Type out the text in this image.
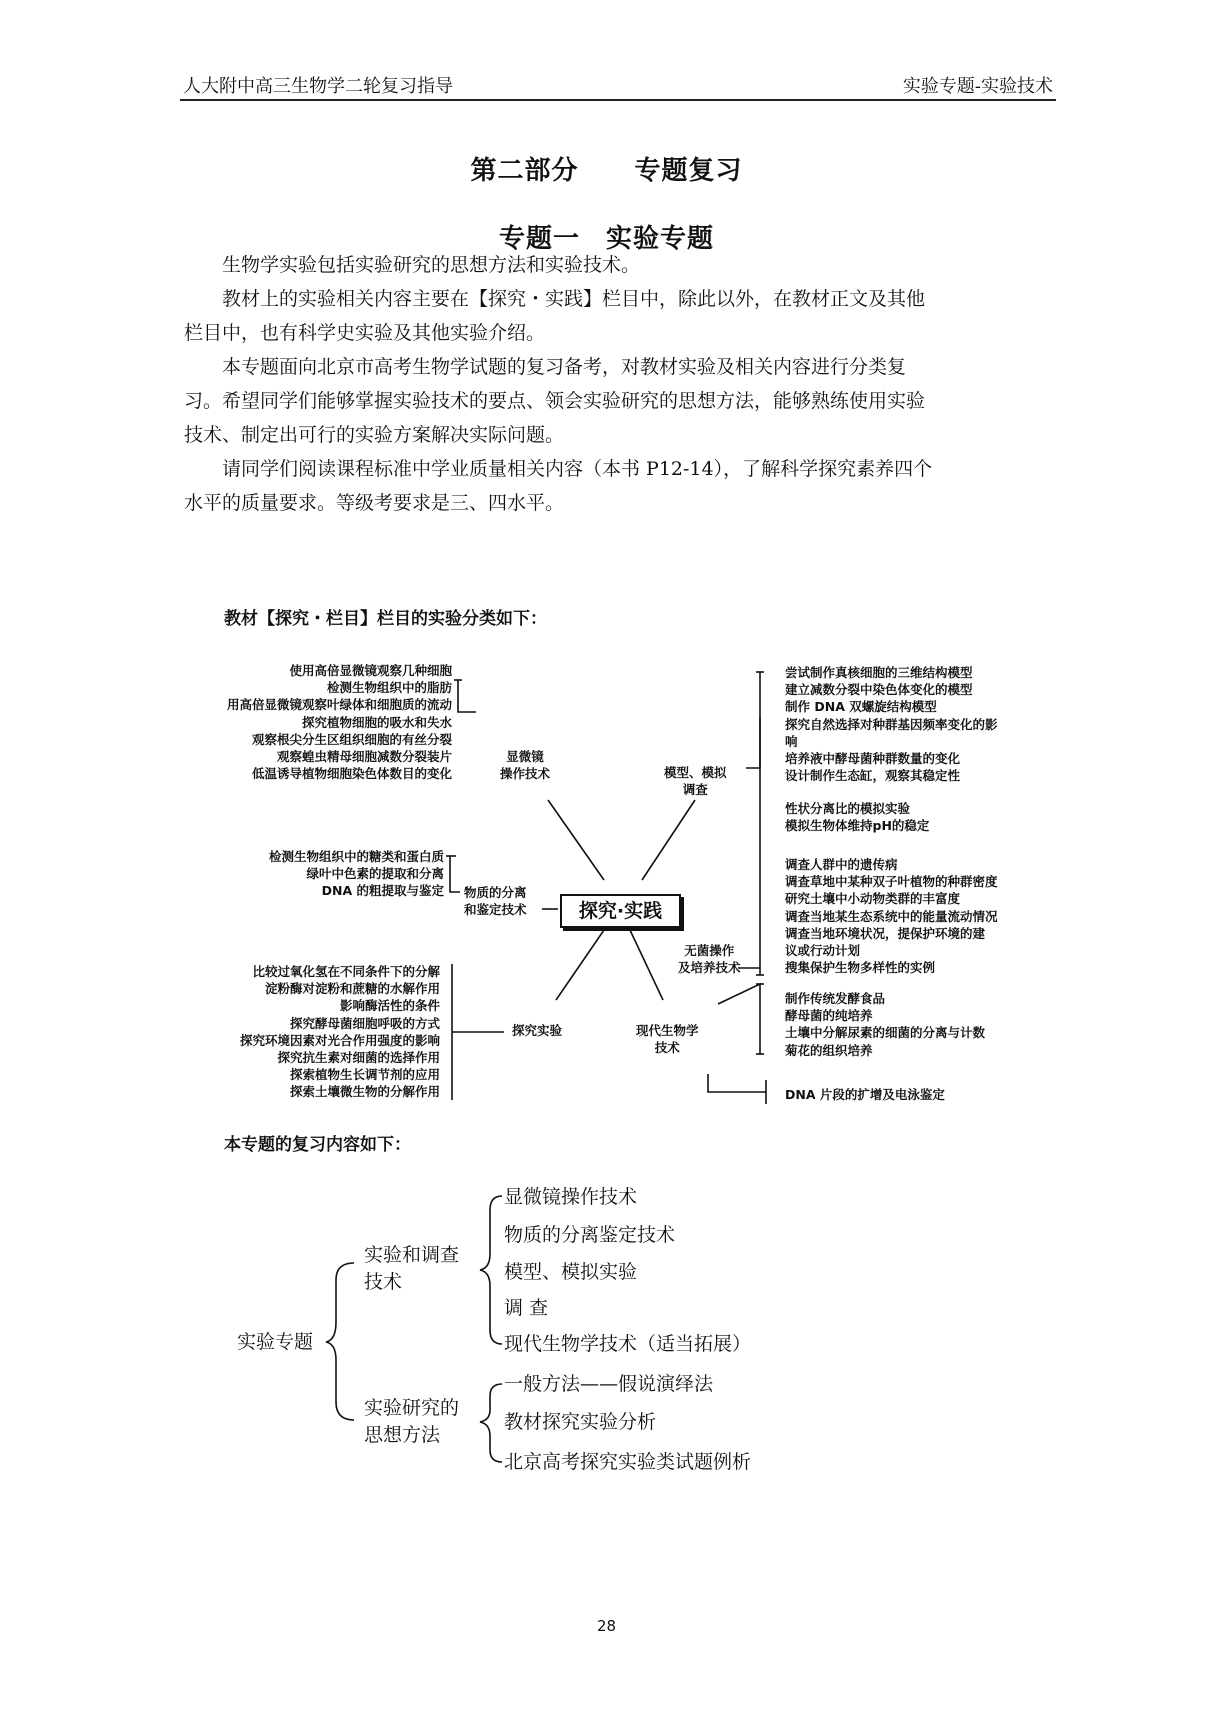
人大附中高三生物学二轮复习指导	实验专题-实验技术
第二部分 专题复习
专题一 实验专题
生物学实验包括实验研究的思想方法和实验技术。
教材上的实验相关内容主要在【探究・实践】栏目中，除此以外，在教材正文及其他
栏目中，也有科学史实验及其他实验介绍。
本专题面向北京市高考生物学试题的复习备考，对教材实验及相关内容进行分类复
习。希望同学们能够掌握实验技术的要点、领会实验研究的思想方法，能够熟练使用实验
技术、制定出可行的实验方案解决实际问题。
请同学们阅读课程标准中学业质量相关内容（本书 P12-14），了解科学探究素养四个
水平的质量要求。等级考要求是三、四水平。
教材【探究・栏目】栏目的实验分类如下：
使用高倍显微镜观察几种细胞
检测生物组织中的脂肪
用高倍显微镜观察叶绿体和细胞质的流动
探究植物细胞的吸水和失水
观察根尖分生区组织细胞的有丝分裂
观察蝗虫精母细胞减数分裂装片
低温诱导植物细胞染色体数目的变化
显微镜
操作技术
检测生物组织中的糖类和蛋白质
绿叶中色素的提取和分离
DNA 的粗提取与鉴定 物质的分离
和鉴定技术	探究·实践
比较过氧化氢在不同条件下的分解
淀粉酶对淀粉和蔗糖的水解作用
影响酶活性的条件
探究酵母菌细胞呼吸的方式
探究环境因素对光合作用强度的影响
探究抗生素对细菌的选择作用
探索植物生长调节剂的应用
探索土壤微生物的分解作用
探究实验
模型、模拟
调查
尝试制作真核细胞的三维结构模型
建立减数分裂中染色体变化的模型
制作 DNA 双螺旋结构模型
探究自然选择对种群基因频率变化的影
响
培养液中酵母菌种群数量的变化
设计制作生态缸，观察其稳定性
性状分离比的模拟实验
模拟生物体维持pH的稳定
调查人群中的遗传病
调查草地中某种双子叶植物的种群密度
研究土壤中小动物类群的丰富度
调查当地某生态系统中的能量流动情况
调查当地环境状况，提保护环境的建
议或行动计划
搜集保护生物多样性的实例
无菌操作
及培养技术
制作传统发酵食品
酵母菌的纯培养
土壤中分解尿素的细菌的分离与计数
菊花的组织培养
现代生物学
技术
DNA 片段的扩增及电泳鉴定
本专题的复习内容如下：
实验专题
实验和调查
技术
实验研究的
思想方法
显微镜操作技术
物质的分离鉴定技术
模型、模拟实验
调 查
现代生物学技术（适当拓展）
一般方法——假说演绎法
教材探究实验分析
北京高考探究实验类试题例析
28
